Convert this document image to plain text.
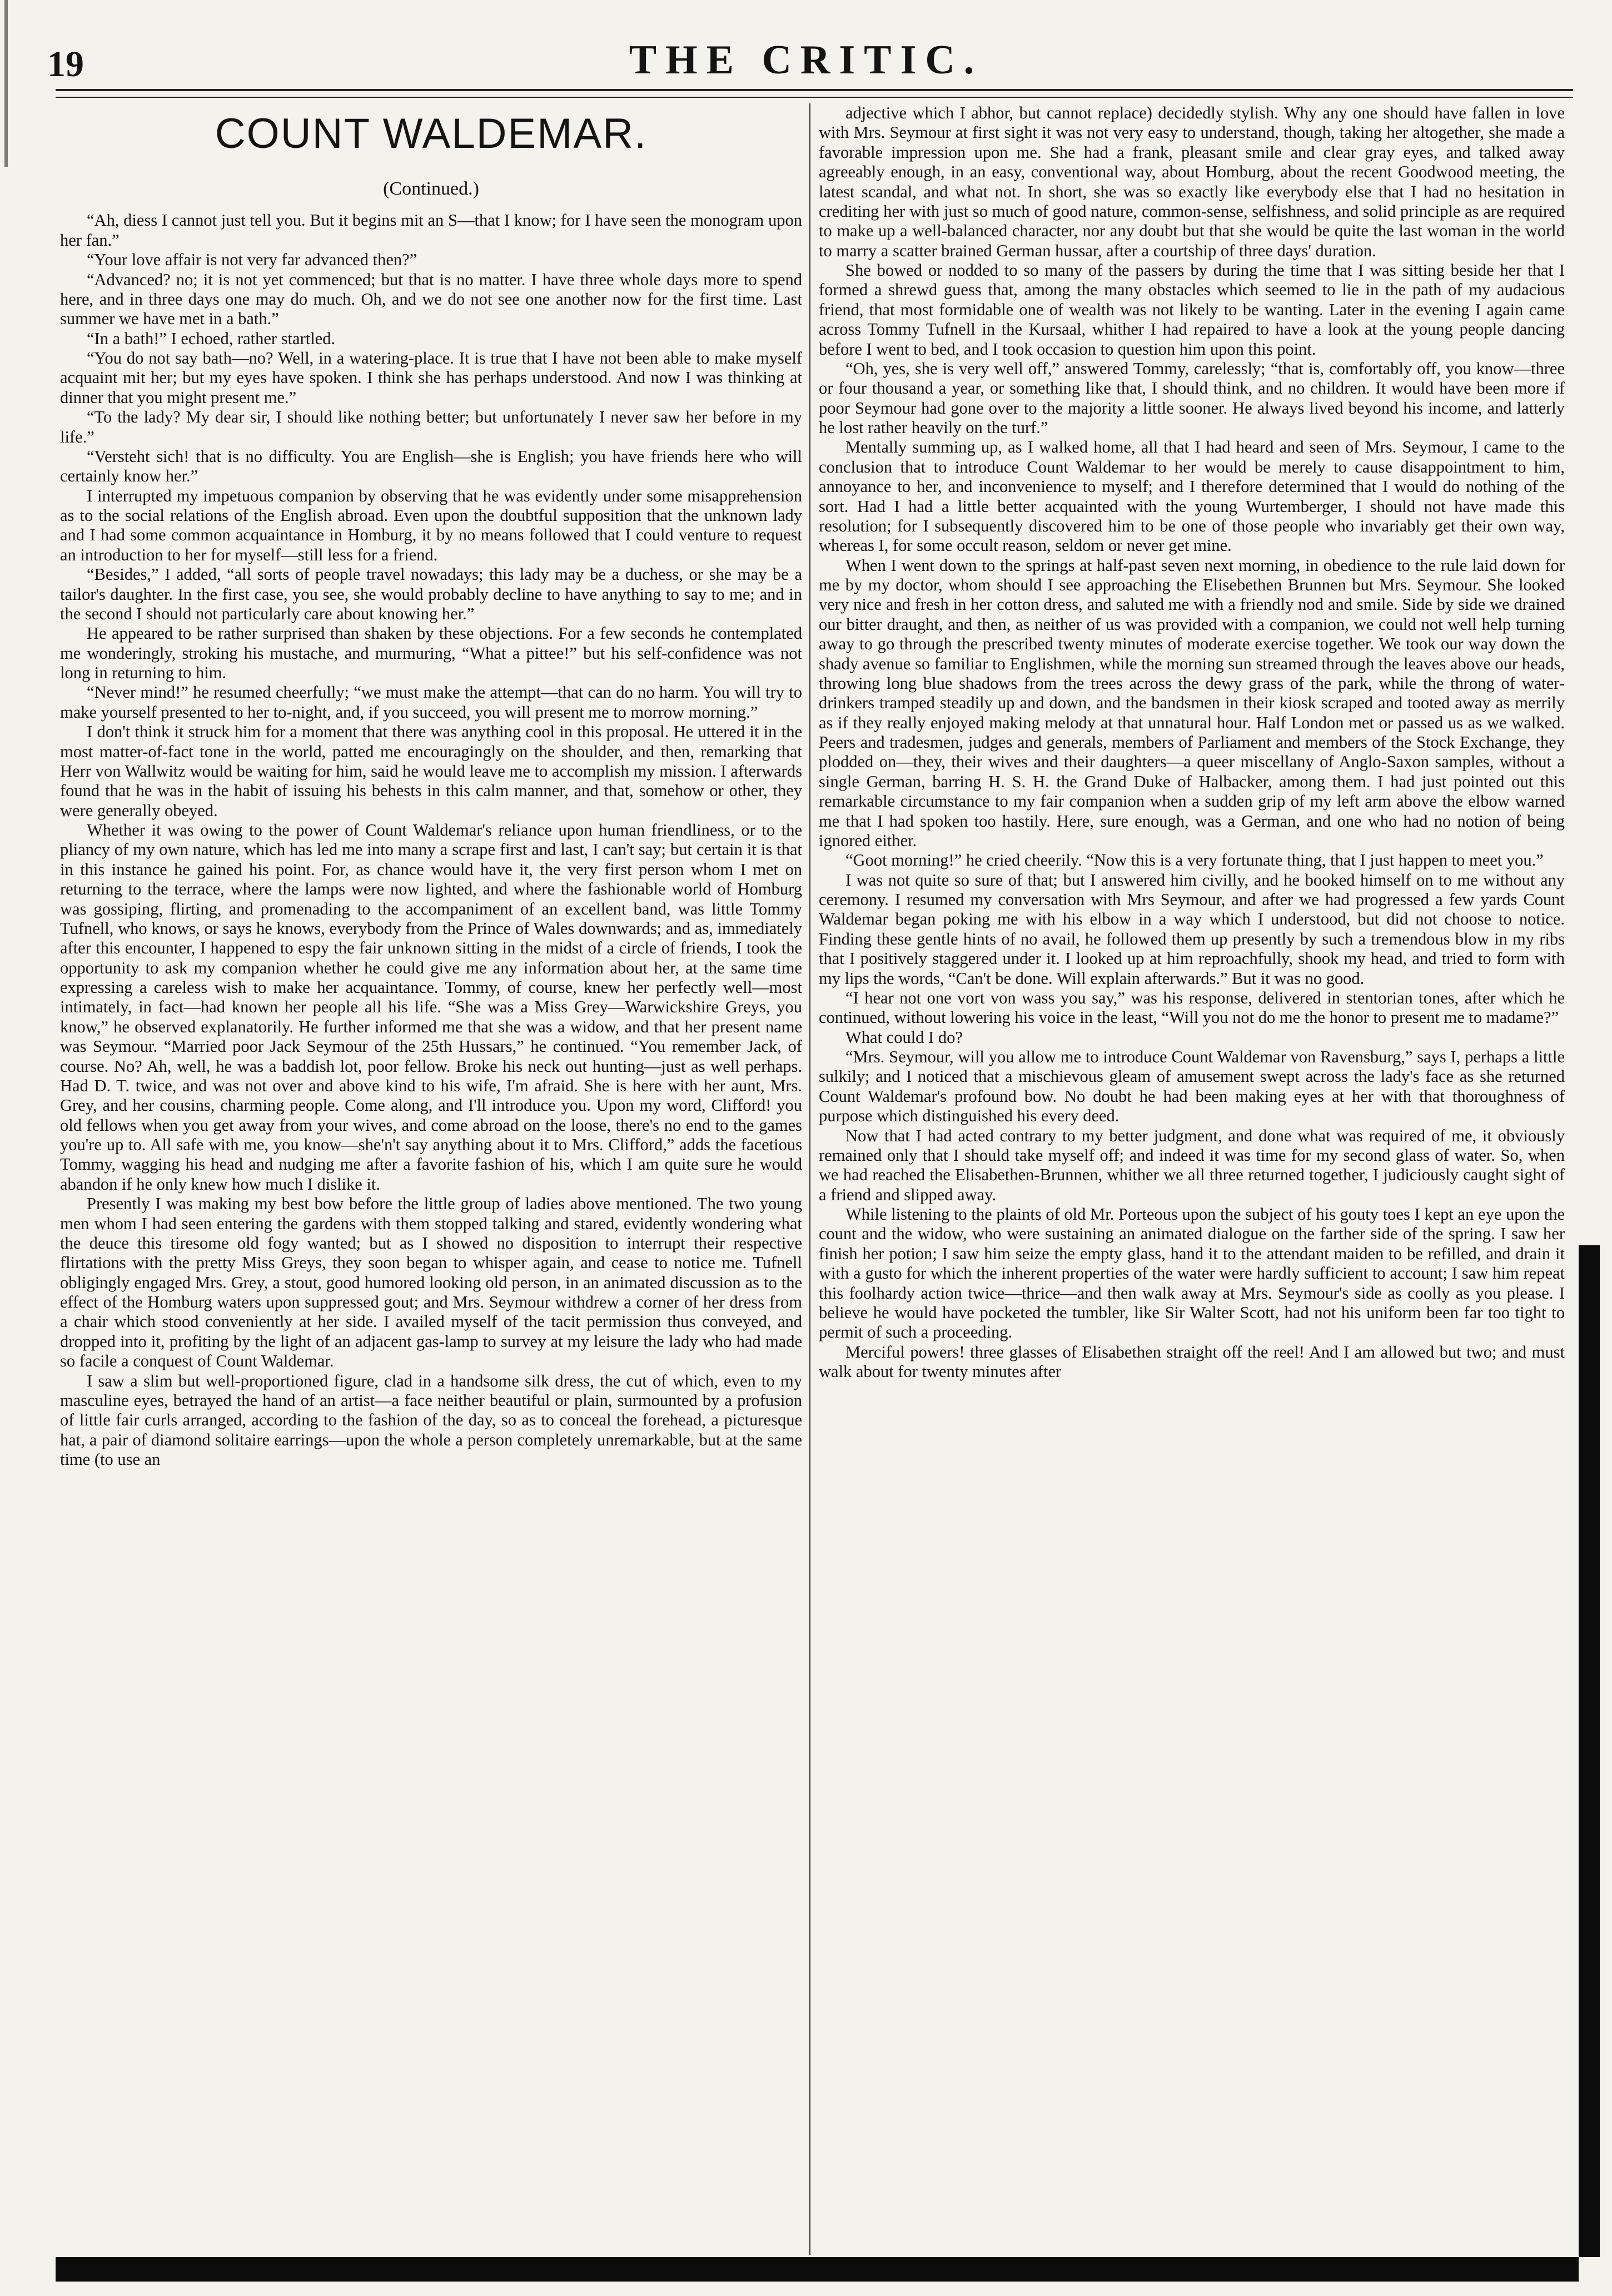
19	THE CRITIC.
COUNT WALDEMAR.
(Continued.)

“Ah, diess I cannot just tell you. But it begins mit an S—that I know; for I have seen the monogram upon her fan.”

“Your love affair is not very far advanced then?”

“Advanced? no; it is not yet commenced; but that is no matter. I have three whole days more to spend here, and in three days one may do much. Oh, and we do not see one another now for the first time. Last summer we have met in a bath.”

“In a bath!” I echoed, rather startled.

“You do not say bath—no? Well, in a watering-place. It is true that I have not been able to make myself acquaint mit her; but my eyes have spoken. I think she has perhaps understood. And now I was thinking at dinner that you might present me.”

“To the lady? My dear sir, I should like nothing better; but unfortunately I never saw her before in my life.”

“Versteht sich! that is no difficulty. You are English—she is English; you have friends here who will certainly know her.”

I interrupted my impetuous companion by observing that he was evidently under some misapprehension as to the social relations of the English abroad. Even upon the doubtful supposition that the unknown lady and I had some common acquaintance in Homburg, it by no means followed that I could venture to request an introduction to her for myself—still less for a friend.

“Besides,” I added, “all sorts of people travel nowadays; this lady may be a duchess, or she may be a tailor's daughter. In the first case, you see, she would probably decline to have anything to say to me; and in the second I should not particularly care about knowing her.”

He appeared to be rather surprised than shaken by these objections. For a few seconds he contemplated me wonderingly, stroking his mustache, and murmuring, “What a pittee!” but his self-confidence was not long in returning to him.

“Never mind!” he resumed cheerfully; “we must make the attempt—that can do no harm. You will try to make yourself presented to her to-night, and, if you succeed, you will present me to morrow morning.”

I don't think it struck him for a moment that there was anything cool in this proposal. He uttered it in the most matter-of-fact tone in the world, patted me encouragingly on the shoulder, and then, remarking that Herr von Wallwitz would be waiting for him, said he would leave me to accomplish my mission. I afterwards found that he was in the habit of issuing his behests in this calm manner, and that, somehow or other, they were generally obeyed.

Whether it was owing to the power of Count Waldemar's reliance upon human friendliness, or to the pliancy of my own nature, which has led me into many a scrape first and last, I can't say; but certain it is that in this instance he gained his point. For, as chance would have it, the very first person whom I met on returning to the terrace, where the lamps were now lighted, and where the fashionable world of Homburg was gossiping, flirting, and promenading to the accompaniment of an excellent band, was little Tommy Tufnell, who knows, or says he knows, everybody from the Prince of Wales downwards; and as, immediately after this encounter, I happened to espy the fair unknown sitting in the midst of a circle of friends, I took the opportunity to ask my companion whether he could give me any information about her, at the same time expressing a careless wish to make her acquaintance. Tommy, of course, knew her perfectly well—most intimately, in fact—had known her people all his life. “She was a Miss Grey—Warwickshire Greys, you know,” he observed explanatorily. He further informed me that she was a widow, and that her present name was Seymour. “Married poor Jack Seymour of the 25th Hussars,” he continued. “You remember Jack, of course. No? Ah, well, he was a baddish lot, poor fellow. Broke his neck out hunting—just as well perhaps. Had D. T. twice, and was not over and above kind to his wife, I'm afraid. She is here with her aunt, Mrs. Grey, and her cousins, charming people. Come along, and I'll introduce you. Upon my word, Clifford! you old fellows when you get away from your wives, and come abroad on the loose, there's no end to the games you're up to. All safe with me, you know—she'n't say anything about it to Mrs. Clifford,” adds the facetious Tommy, wagging his head and nudging me after a favorite fashion of his, which I am quite sure he would abandon if he only knew how much I dislike it.

Presently I was making my best bow before the little group of ladies above mentioned. The two young men whom I had seen entering the gardens with them stopped talking and stared, evidently wondering what the deuce this tiresome old fogy wanted; but as I showed no disposition to interrupt their respective flirtations with the pretty Miss Greys, they soon began to whisper again, and cease to notice me. Tufnell obligingly engaged Mrs. Grey, a stout, good humored looking old person, in an animated discussion as to the effect of the Homburg waters upon suppressed gout; and Mrs. Seymour withdrew a corner of her dress from a chair which stood conveniently at her side. I availed myself of the tacit permission thus conveyed, and dropped into it, profiting by the light of an adjacent gas-lamp to survey at my leisure the lady who had made so facile a conquest of Count Waldemar.

I saw a slim but well-proportioned figure, clad in a handsome silk dress, the cut of which, even to my masculine eyes, betrayed the hand of an artist—a face neither beautiful or plain, surmounted by a profusion of little fair curls arranged, according to the fashion of the day, so as to conceal the forehead, a picturesque hat, a pair of diamond solitaire earrings—upon the whole a person completely unremarkable, but at the same time (to use an

adjective which I abhor, but cannot replace) decidedly stylish. Why any one should have fallen in love with Mrs. Seymour at first sight it was not very easy to understand, though, taking her altogether, she made a favorable impression upon me. She had a frank, pleasant smile and clear gray eyes, and talked away agreeably enough, in an easy, conventional way, about Homburg, about the recent Goodwood meeting, the latest scandal, and what not. In short, she was so exactly like everybody else that I had no hesitation in crediting her with just so much of good nature, common-sense, selfishness, and solid principle as are required to make up a well-balanced character, nor any doubt but that she would be quite the last woman in the world to marry a scatter brained German hussar, after a courtship of three days' duration.

She bowed or nodded to so many of the passers by during the time that I was sitting beside her that I formed a shrewd guess that, among the many obstacles which seemed to lie in the path of my audacious friend, that most formidable one of wealth was not likely to be wanting. Later in the evening I again came across Tommy Tufnell in the Kursaal, whither I had repaired to have a look at the young people dancing before I went to bed, and I took occasion to question him upon this point.

“Oh, yes, she is very well off,” answered Tommy, carelessly; “that is, comfortably off, you know—three or four thousand a year, or something like that, I should think, and no children. It would have been more if poor Seymour had gone over to the majority a little sooner. He always lived beyond his income, and latterly he lost rather heavily on the turf.”

Mentally summing up, as I walked home, all that I had heard and seen of Mrs. Seymour, I came to the conclusion that to introduce Count Waldemar to her would be merely to cause disappointment to him, annoyance to her, and inconvenience to myself; and I therefore determined that I would do nothing of the sort. Had I had a little better acquainted with the young Wurtemberger, I should not have made this resolution; for I subsequently discovered him to be one of those people who invariably get their own way, whereas I, for some occult reason, seldom or never get mine.

When I went down to the springs at half-past seven next morning, in obedience to the rule laid down for me by my doctor, whom should I see approaching the Elisebethen Brunnen but Mrs. Seymour. She looked very nice and fresh in her cotton dress, and saluted me with a friendly nod and smile. Side by side we drained our bitter draught, and then, as neither of us was provided with a companion, we could not well help turning away to go through the prescribed twenty minutes of moderate exercise together. We took our way down the shady avenue so familiar to Englishmen, while the morning sun streamed through the leaves above our heads, throwing long blue shadows from the trees across the dewy grass of the park, while the throng of water-drinkers tramped steadily up and down, and the bandsmen in their kiosk scraped and tooted away as merrily as if they really enjoyed making melody at that unnatural hour. Half London met or passed us as we walked. Peers and tradesmen, judges and generals, members of Parliament and members of the Stock Exchange, they plodded on—they, their wives and their daughters—a queer miscellany of Anglo-Saxon samples, without a single German, barring H. S. H. the Grand Duke of Halbacker, among them. I had just pointed out this remarkable circumstance to my fair companion when a sudden grip of my left arm above the elbow warned me that I had spoken too hastily. Here, sure enough, was a German, and one who had no notion of being ignored either.

“Goot morning!” he cried cheerily. “Now this is a very fortunate thing, that I just happen to meet you.”

I was not quite so sure of that; but I answered him civilly, and he booked himself on to me without any ceremony. I resumed my conversation with Mrs Seymour, and after we had progressed a few yards Count Waldemar began poking me with his elbow in a way which I understood, but did not choose to notice. Finding these gentle hints of no avail, he followed them up presently by such a tremendous blow in my ribs that I positively staggered under it. I looked up at him reproachfully, shook my head, and tried to form with my lips the words, “Can't be done. Will explain afterwards.” But it was no good.

“I hear not one vort von wass you say,” was his response, delivered in stentorian tones, after which he continued, without lowering his voice in the least, “Will you not do me the honor to present me to madame?”

What could I do?

“Mrs. Seymour, will you allow me to introduce Count Waldemar von Ravensburg,” says I, perhaps a little sulkily; and I noticed that a mischievous gleam of amusement swept across the lady's face as she returned Count Waldemar's profound bow. No doubt he had been making eyes at her with that thoroughness of purpose which distinguished his every deed.

Now that I had acted contrary to my better judgment, and done what was required of me, it obviously remained only that I should take myself off; and indeed it was time for my second glass of water. So, when we had reached the Elisabethen-Brunnen, whither we all three returned together, I judiciously caught sight of a friend and slipped away.

While listening to the plaints of old Mr. Porteous upon the subject of his gouty toes I kept an eye upon the count and the widow, who were sustaining an animated dialogue on the farther side of the spring. I saw her finish her potion; I saw him seize the empty glass, hand it to the attendant maiden to be refilled, and drain it with a gusto for which the inherent properties of the water were hardly sufficient to account; I saw him repeat this foolhardy action twice—thrice—and then walk away at Mrs. Seymour's side as coolly as you please. I believe he would have pocketed the tumbler, like Sir Walter Scott, had not his uniform been far too tight to permit of such a proceeding.

Merciful powers! three glasses of Elisabethen straight off the reel! And I am allowed but two; and must walk about for twenty minutes after
